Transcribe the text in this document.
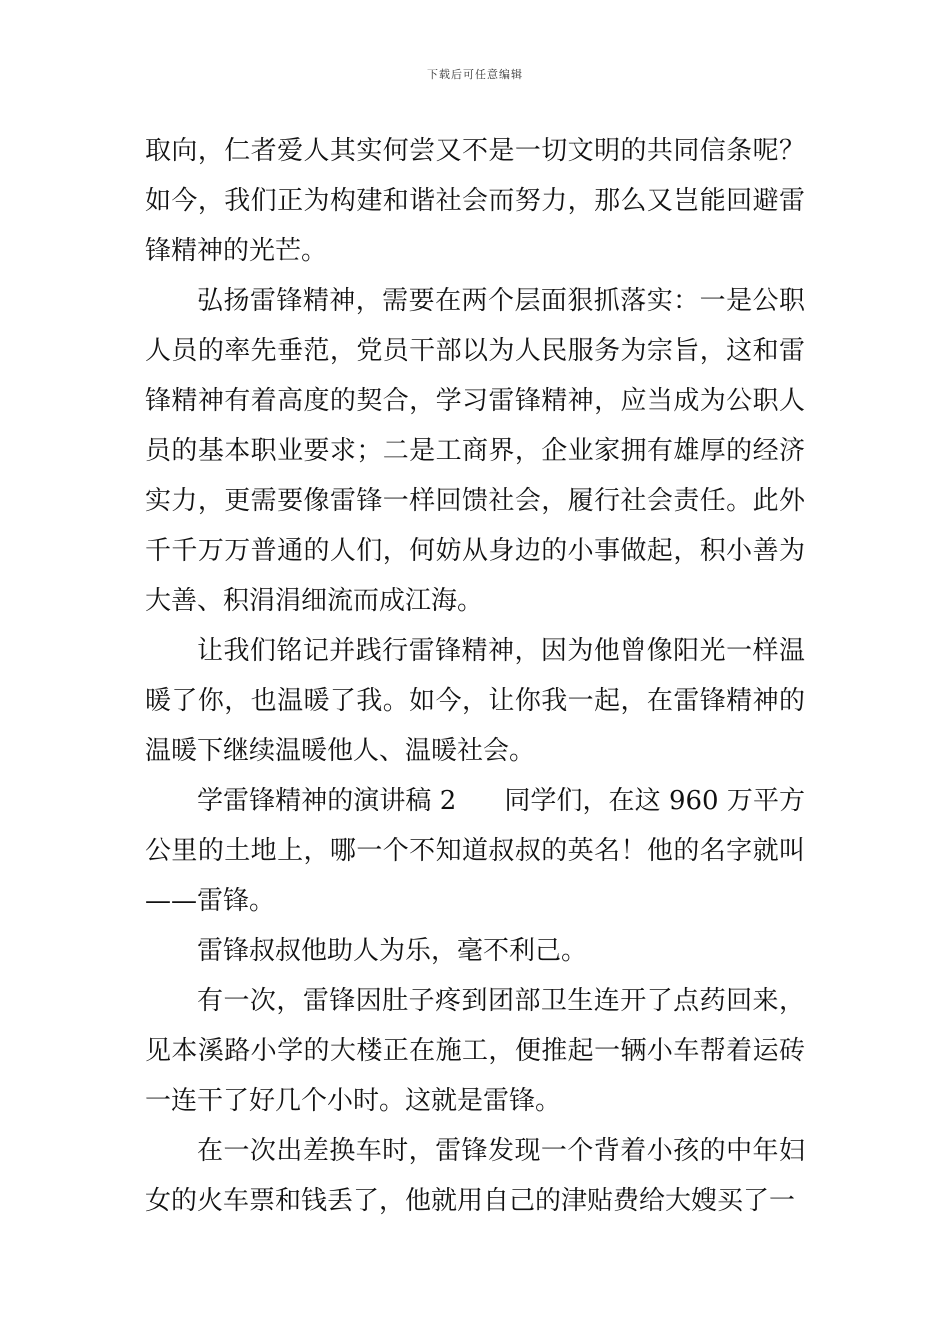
下载后可任意编辑

取向，仁者爱人其实何尝又不是一切文明的共同信条呢？如今，我们正为构建和谐社会而努力，那么又岂能回避雷锋精神的光芒。

弘扬雷锋精神，需要在两个层面狠抓落实：一是公职人员的率先垂范，党员干部以为人民服务为宗旨，这和雷锋精神有着高度的契合，学习雷锋精神，应当成为公职人员的基本职业要求；二是工商界，企业家拥有雄厚的经济实力，更需要像雷锋一样回馈社会，履行社会责任。此外千千万万普通的人们，何妨从身边的小事做起，积小善为大善、积涓涓细流而成江海。

让我们铭记并践行雷锋精神，因为他曾像阳光一样温暖了你，也温暖了我。如今，让你我一起，在雷锋精神的温暖下继续温暖他人、温暖社会。

学雷锋精神的演讲稿 2 同学们，在这 960 万平方公里的土地上，哪一个不知道叔叔的英名！他的名字就叫——雷锋。

雷锋叔叔他助人为乐，毫不利己。

有一次，雷锋因肚子疼到团部卫生连开了点药回来，见本溪路小学的大楼正在施工，便推起一辆小车帮着运砖一连干了好几个小时。这就是雷锋。

在一次出差换车时，雷锋发现一个背着小孩的中年妇女的火车票和钱丢了，他就用自己的津贴费给大嫂买了一
